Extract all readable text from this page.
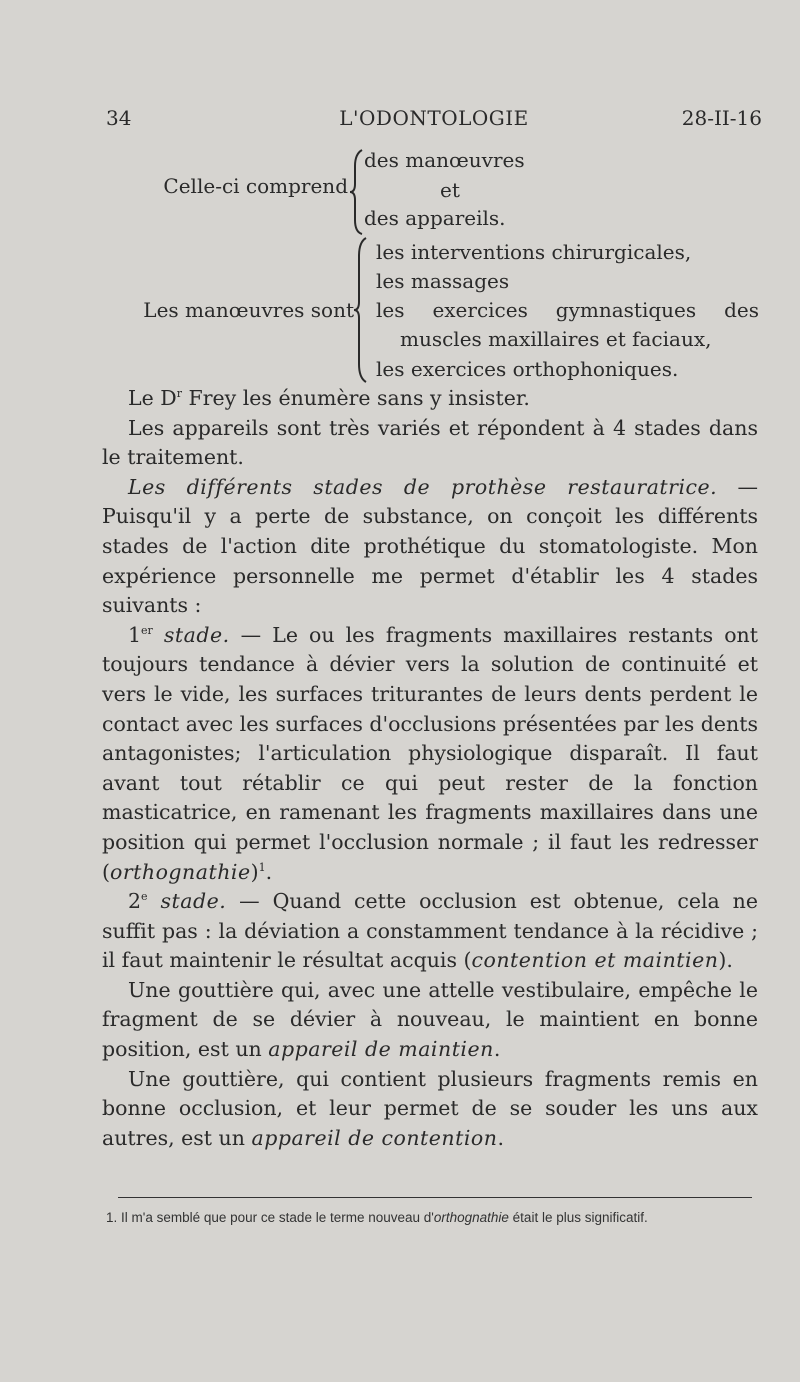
34	L'ODONTOLOGIE	28-II-16
Celle-ci comprend
des manœuvres
et
des appareils.
Les manœuvres sont
les interventions chirurgicales,
les massages
les exercices gymnastiques des
muscles maxillaires et faciaux,
les exercices orthophoniques.

Le $D^r$ Frey les énumère sans y insister.

Les appareils sont très variés et répondent à 4 stades dans le traitement.

Les différents stades de prothèse restauratrice. — Puisqu'il y a perte de substance, on conçoit les différents stades de l'action dite prothétique du stomatologiste. Mon expérience personnelle me permet d'établir les 4 stades suivants :

1er stade. — Le ou les fragments maxillaires restants ont toujours tendance à dévier vers la solution de continuité et vers le vide, les surfaces triturantes de leurs dents perdent le contact avec les surfaces d'occlusions présentées par les dents antagonistes; l'articulation physiologique disparaît. Il faut avant tout rétablir ce qui peut rester de la fonction masticatrice, en ramenant les fragments maxillaires dans une position qui permet l'occlusion normale ; il faut les redresser (orthognathie)$^1$.

2e stade. — Quand cette occlusion est obtenue, cela ne suffit pas : la déviation a constamment tendance à la récidive ; il faut maintenir le résultat acquis (contention et maintien).

Une gouttière qui, avec une attelle vestibulaire, empêche le fragment de se dévier à nouveau, le maintient en bonne position, est un appareil de maintien.

Une gouttière, qui contient plusieurs fragments remis en bonne occlusion, et leur permet de se souder les uns aux autres, est un appareil de contention.

1. Il m'a semblé que pour ce stade le terme nouveau d'orthognathie était le plus significatif.
